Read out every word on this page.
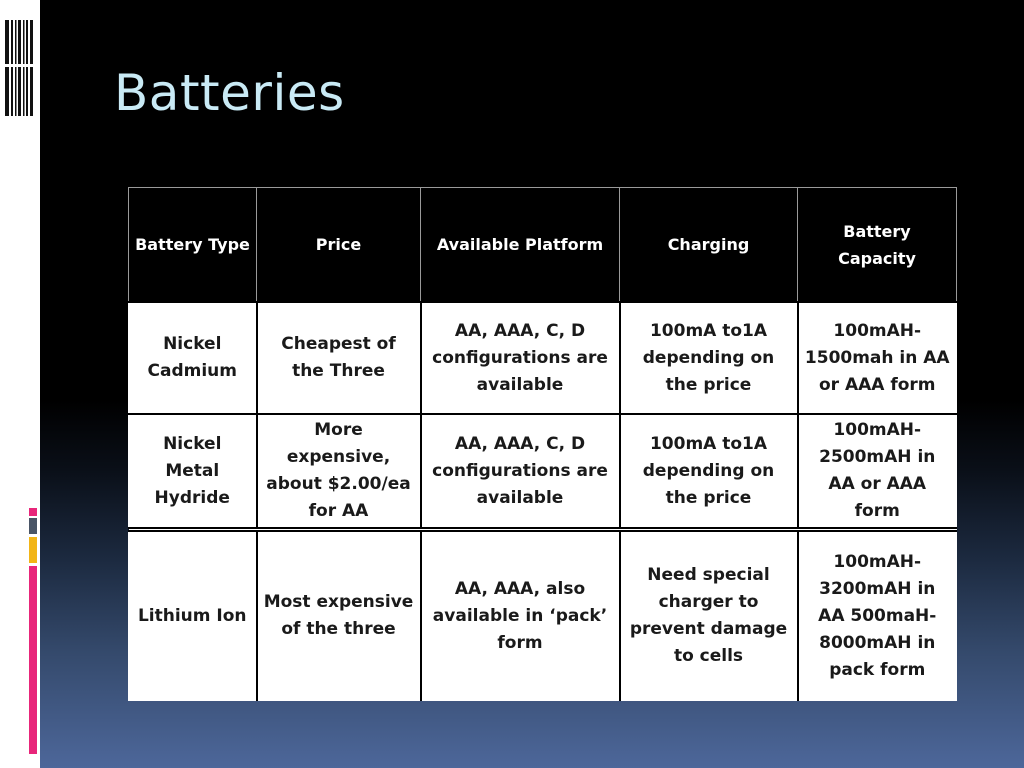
Batteries
Battery Type	Price	Available Platform	Charging	Battery Capacity
Nickel Cadmium	Cheapest of the Three	AA, AAA, C, D configurations are available	100mA to1A depending on the price	100mAH-1500mah in AA or AAA form
Nickel Metal Hydride	More expensive, about $2.00/ea for AA	AA, AAA, C, D configurations are available	100mA to1A depending on the price	100mAH-2500mAH in AA or AAA form
Lithium Ion	Most expensive of the three	AA, AAA, also available in ‘pack’ form	Need special charger to prevent damage to cells	100mAH-3200mAH in AA 500maH-8000mAH in pack form
